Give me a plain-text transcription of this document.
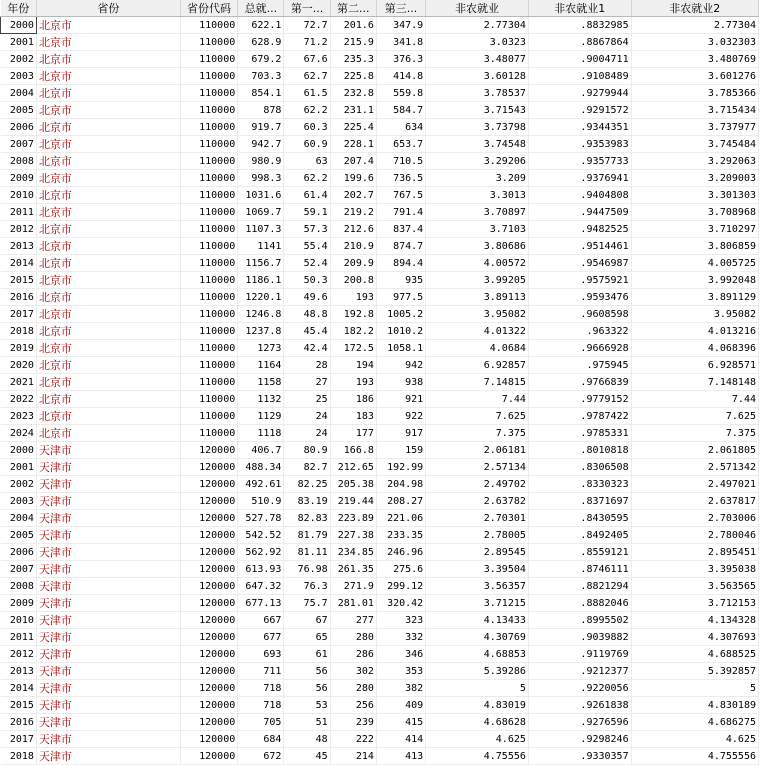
年份	省份	省份代码	总就...	第一...	第二...	第三...	非农就业	非农就业1	非农就业2
2000	北京市	110000	622.1	72.7	201.6	347.9	2.77304	.8832985	2.77304
2001	北京市	110000	628.9	71.2	215.9	341.8	3.0323	.8867864	3.032303
2002	北京市	110000	679.2	67.6	235.3	376.3	3.48077	.9004711	3.480769
2003	北京市	110000	703.3	62.7	225.8	414.8	3.60128	.9108489	3.601276
2004	北京市	110000	854.1	61.5	232.8	559.8	3.78537	.9279944	3.785366
2005	北京市	110000	878	62.2	231.1	584.7	3.71543	.9291572	3.715434
2006	北京市	110000	919.7	60.3	225.4	634	3.73798	.9344351	3.737977
2007	北京市	110000	942.7	60.9	228.1	653.7	3.74548	.9353983	3.745484
2008	北京市	110000	980.9	63	207.4	710.5	3.29206	.9357733	3.292063
2009	北京市	110000	998.3	62.2	199.6	736.5	3.209	.9376941	3.209003
2010	北京市	110000	1031.6	61.4	202.7	767.5	3.3013	.9404808	3.301303
2011	北京市	110000	1069.7	59.1	219.2	791.4	3.70897	.9447509	3.708968
2012	北京市	110000	1107.3	57.3	212.6	837.4	3.7103	.9482525	3.710297
2013	北京市	110000	1141	55.4	210.9	874.7	3.80686	.9514461	3.806859
2014	北京市	110000	1156.7	52.4	209.9	894.4	4.00572	.9546987	4.005725
2015	北京市	110000	1186.1	50.3	200.8	935	3.99205	.9575921	3.992048
2016	北京市	110000	1220.1	49.6	193	977.5	3.89113	.9593476	3.891129
2017	北京市	110000	1246.8	48.8	192.8	1005.2	3.95082	.9608598	3.95082
2018	北京市	110000	1237.8	45.4	182.2	1010.2	4.01322	.963322	4.013216
2019	北京市	110000	1273	42.4	172.5	1058.1	4.0684	.9666928	4.068396
2020	北京市	110000	1164	28	194	942	6.92857	.975945	6.928571
2021	北京市	110000	1158	27	193	938	7.14815	.9766839	7.148148
2022	北京市	110000	1132	25	186	921	7.44	.9779152	7.44
2023	北京市	110000	1129	24	183	922	7.625	.9787422	7.625
2024	北京市	110000	1118	24	177	917	7.375	.9785331	7.375
2000	天津市	120000	406.7	80.9	166.8	159	2.06181	.8010818	2.061805
2001	天津市	120000	488.34	82.7	212.65	192.99	2.57134	.8306508	2.571342
2002	天津市	120000	492.61	82.25	205.38	204.98	2.49702	.8330323	2.497021
2003	天津市	120000	510.9	83.19	219.44	208.27	2.63782	.8371697	2.637817
2004	天津市	120000	527.78	82.83	223.89	221.06	2.70301	.8430595	2.703006
2005	天津市	120000	542.52	81.79	227.38	233.35	2.78005	.8492405	2.780046
2006	天津市	120000	562.92	81.11	234.85	246.96	2.89545	.8559121	2.895451
2007	天津市	120000	613.93	76.98	261.35	275.6	3.39504	.8746111	3.395038
2008	天津市	120000	647.32	76.3	271.9	299.12	3.56357	.8821294	3.563565
2009	天津市	120000	677.13	75.7	281.01	320.42	3.71215	.8882046	3.712153
2010	天津市	120000	667	67	277	323	4.13433	.8995502	4.134328
2011	天津市	120000	677	65	280	332	4.30769	.9039882	4.307693
2012	天津市	120000	693	61	286	346	4.68853	.9119769	4.688525
2013	天津市	120000	711	56	302	353	5.39286	.9212377	5.392857
2014	天津市	120000	718	56	280	382	5	.9220056	5
2015	天津市	120000	718	53	256	409	4.83019	.9261838	4.830189
2016	天津市	120000	705	51	239	415	4.68628	.9276596	4.686275
2017	天津市	120000	684	48	222	414	4.625	.9298246	4.625
2018	天津市	120000	672	45	214	413	4.75556	.9330357	4.755556
